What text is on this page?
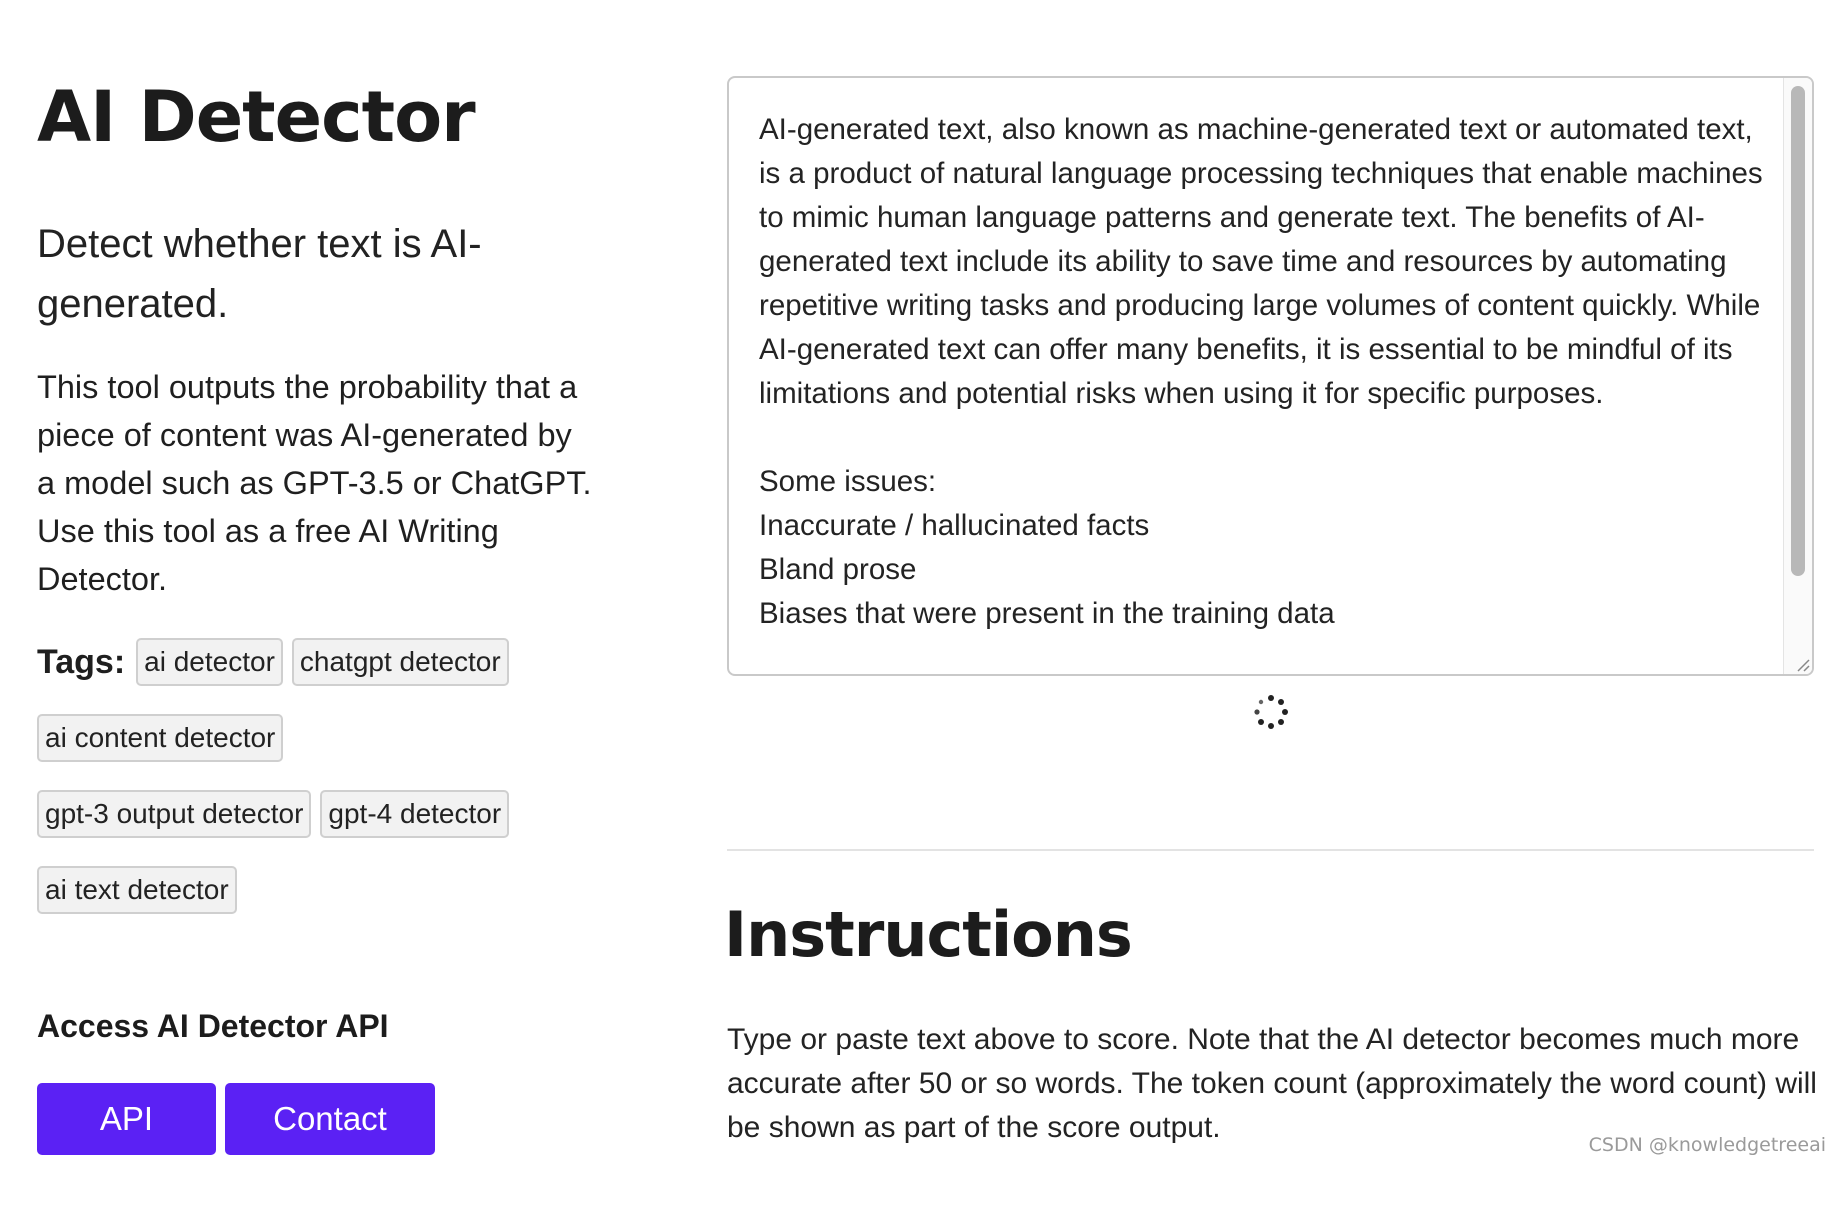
AI Detector

Detect whether text is AI-generated.

This tool outputs the probability that a piece of content was AI-generated by a model such as GPT-3.5 or ChatGPT. Use this tool as a free AI Writing Detector.

Tags: ai detector chatgpt detector
ai content detector
gpt-3 output detector gpt-4 detector
ai text detector
Access AI Detector API
API Docs
Contact Us

AI-generated text, also known as machine-generated text or automated text, is a product of natural language processing techniques that enable machines to mimic human language patterns and generate text. The benefits of AI-generated text include its ability to save time and resources by automating repetitive writing tasks and producing large volumes of content quickly. While AI-generated text can offer many benefits, it is essential to be mindful of its limitations and potential risks when using it for specific purposes.

Some issues:
Inaccurate / hallucinated facts
Bland prose
Biases that were present in the training data

Instructions

Type or paste text above to score. Note that the AI detector becomes much more accurate after 50 or so words. The token count (approximately the word count) will be shown as part of the score output.

CSDN @knowledgetreeai
